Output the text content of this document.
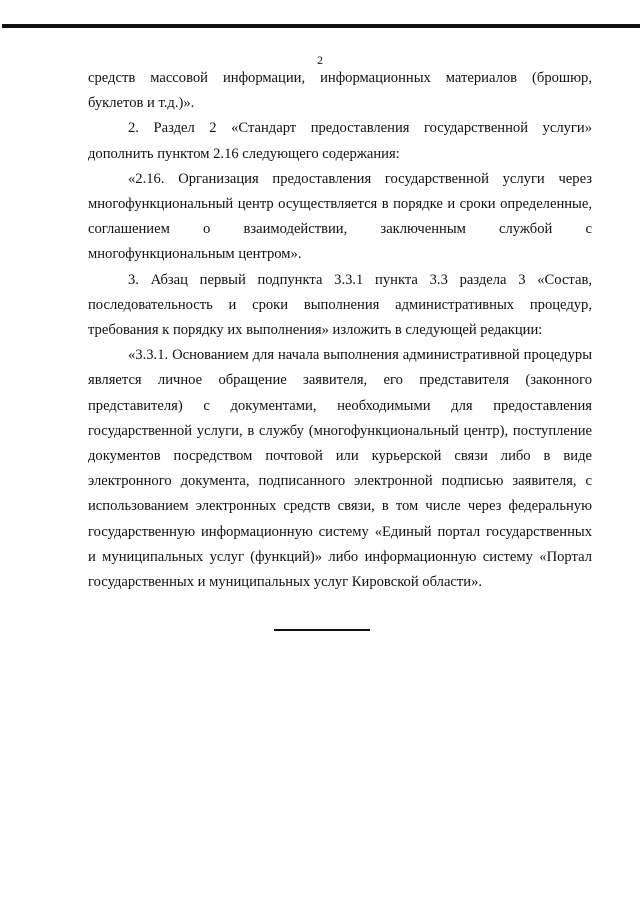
2

средств массовой информации, информационных материалов (брошюр, буклетов и т.д.)».

2. Раздел 2 «Стандарт предоставления государственной услуги» дополнить пунктом 2.16 следующего содержания:

«2.16. Организация предоставления государственной услуги через многофункциональный центр осуществляется в порядке и сроки определенные, соглашением о взаимодействии, заключенным службой с многофункциональным центром».

3. Абзац первый подпункта 3.3.1 пункта 3.3 раздела 3 «Состав, последовательность и сроки выполнения административных процедур, требования к порядку их выполнения» изложить в следующей редакции:

«3.3.1. Основанием для начала выполнения административной процедуры является личное обращение заявителя, его представителя (законного представителя) с документами, необходимыми для предоставления государственной услуги, в службу (многофункциональный центр), поступление документов посредством почтовой или курьерской связи либо в виде электронного документа, подписанного электронной подписью заявителя, с использованием электронных средств связи, в том числе через федеральную государственную информационную систему «Единый портал государственных и муниципальных услуг (функций)» либо информационную систему «Портал государственных и муниципальных услуг Кировской области».
